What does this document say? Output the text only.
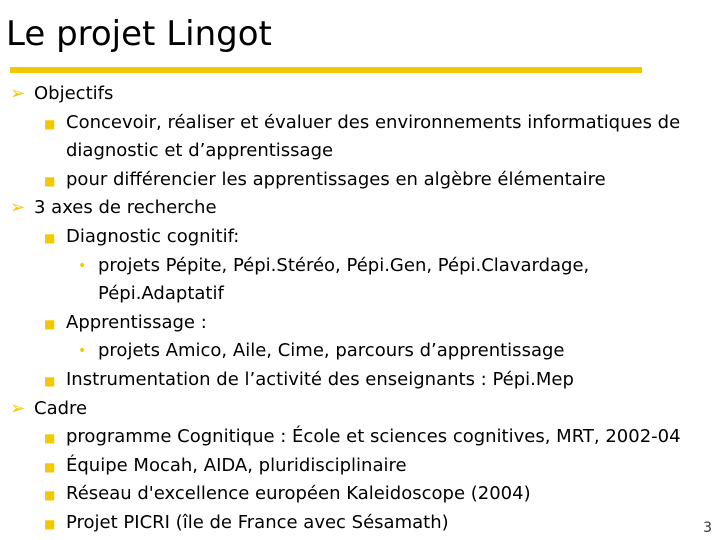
Le projet Lingot
➢ Objectifs
■ Concevoir, réaliser et évaluer des environnements informatiques de
diagnostic et d’apprentissage
■ pour différencier les apprentissages en algèbre élémentaire
➢ 3 axes de recherche
■ Diagnostic cognitif:
• projets Pépite, Pépi.Stéréo, Pépi.Gen, Pépi.Clavardage,
Pépi.Adaptatif
■ Apprentissage :
• projets Amico, Aile, Cime, parcours d’apprentissage
■ Instrumentation de l’activité des enseignants : Pépi.Mep
➢ Cadre
■ programme Cognitique : École et sciences cognitives, MRT, 2002-04
■ Équipe Mocah, AIDA, pluridisciplinaire
■ Réseau d'excellence européen Kaleidoscope (2004)
■ Projet PICRI (île de France avec Sésamath)	3
